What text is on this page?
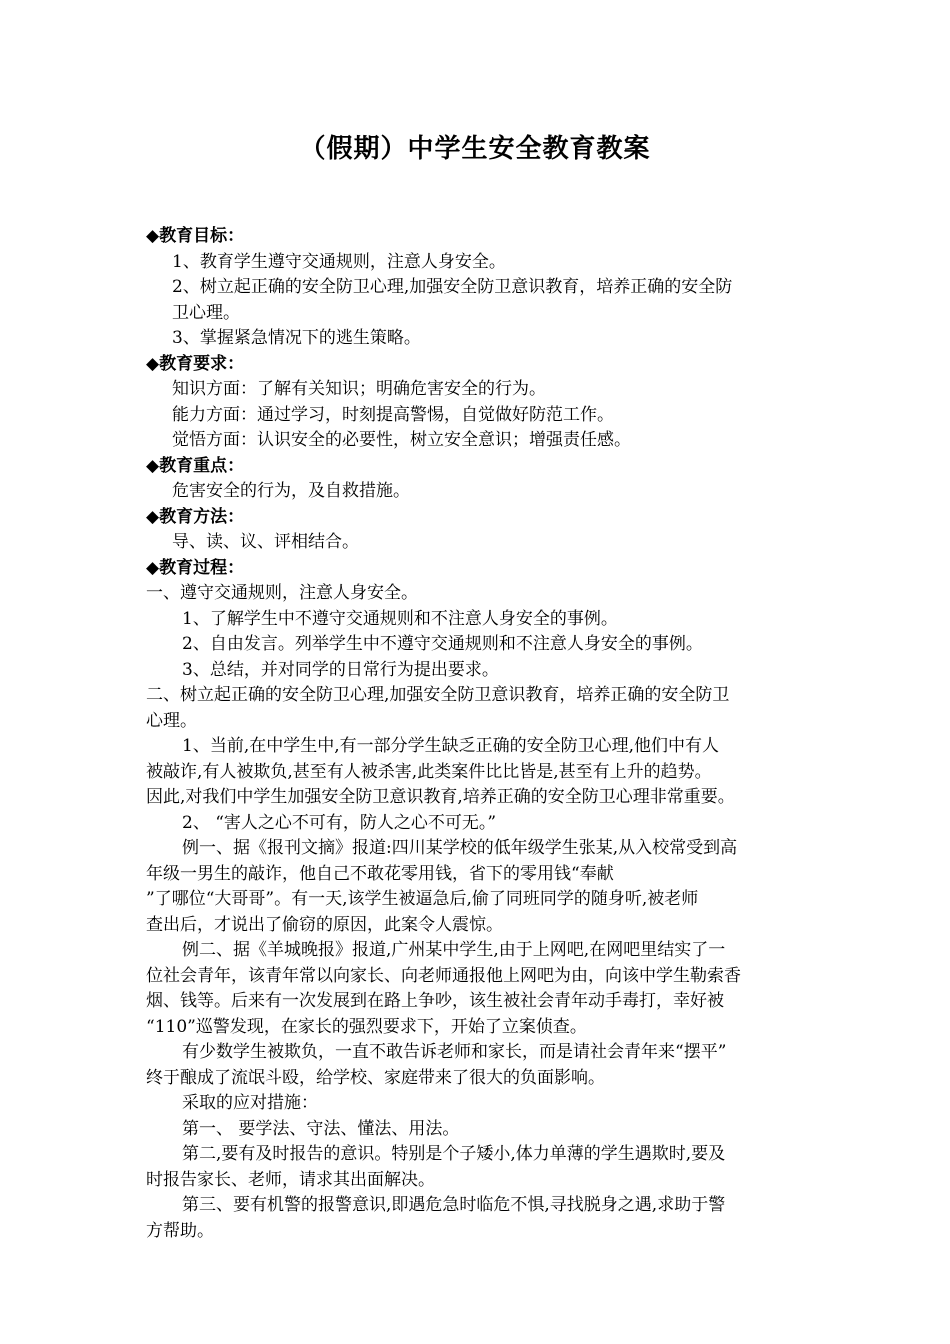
（假期）中学生安全教育教案
◆教育目标：
1、教育学生遵守交通规则，注意人身安全。
2、树立起正确的安全防卫心理,加强安全防卫意识教育，培养正确的安全防
卫心理。
3、掌握紧急情况下的逃生策略。
◆教育要求：
知识方面：了解有关知识；明确危害安全的行为。
能力方面：通过学习，时刻提高警惕，自觉做好防范工作。
觉悟方面：认识安全的必要性，树立安全意识；增强责任感。
◆教育重点：
危害安全的行为，及自救措施。
◆教育方法：
导、读、议、评相结合。
◆教育过程：
一、遵守交通规则，注意人身安全。
1、了解学生中不遵守交通规则和不注意人身安全的事例。
2、自由发言。列举学生中不遵守交通规则和不注意人身安全的事例。
3、总结，并对同学的日常行为提出要求。
二、树立起正确的安全防卫心理,加强安全防卫意识教育，培养正确的安全防卫
心理。
1、当前,在中学生中,有一部分学生缺乏正确的安全防卫心理,他们中有人
被敲诈,有人被欺负,甚至有人被杀害,此类案件比比皆是,甚至有上升的趋势。
因此,对我们中学生加强安全防卫意识教育,培养正确的安全防卫心理非常重要。
2、 “害人之心不可有，防人之心不可无。”
例一、据《报刊文摘》报道:四川某学校的低年级学生张某,从入校常受到高
年级一男生的敲诈，他自己不敢花零用钱，省下的零用钱“奉献
”了哪位“大哥哥”。有一天,该学生被逼急后,偷了同班同学的随身听,被老师
查出后，才说出了偷窃的原因，此案令人震惊。
例二、据《羊城晚报》报道,广州某中学生,由于上网吧,在网吧里结实了一
位社会青年，该青年常以向家长、向老师通报他上网吧为由，向该中学生勒索香
烟、钱等。后来有一次发展到在路上争吵，该生被社会青年动手毒打，幸好被
“110”巡警发现，在家长的强烈要求下，开始了立案侦查。
有少数学生被欺负，一直不敢告诉老师和家长，而是请社会青年来“摆平”
终于酿成了流氓斗殴，给学校、家庭带来了很大的负面影响。
采取的应对措施：
第一、 要学法、守法、懂法、用法。
第二,要有及时报告的意识。特别是个子矮小,体力单薄的学生遇欺时,要及
时报告家长、老师，请求其出面解决。
第三、要有机警的报警意识,即遇危急时临危不惧,寻找脱身之遇,求助于警
方帮助。
